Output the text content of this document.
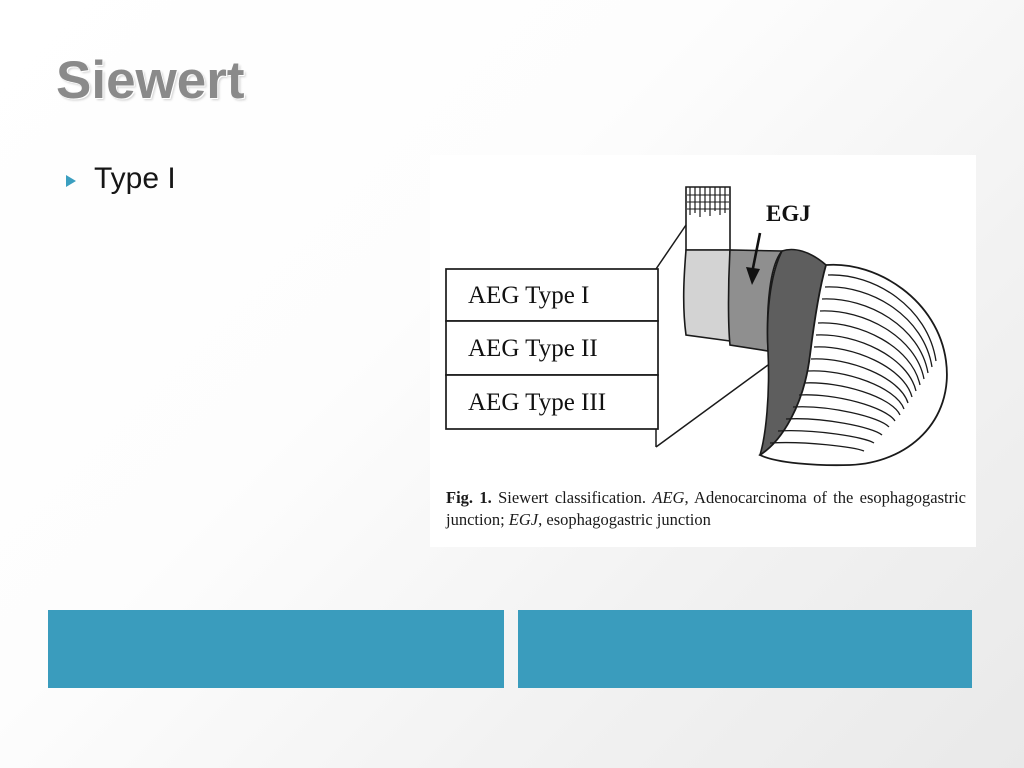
Siewert
Type I
EGJ
AEG Type I
AEG Type II
AEG Type III
Fig. 1. Siewert classification. AEG, Adenocarcinoma of the esophagogastric junction; EGJ, esophagogastric junction
